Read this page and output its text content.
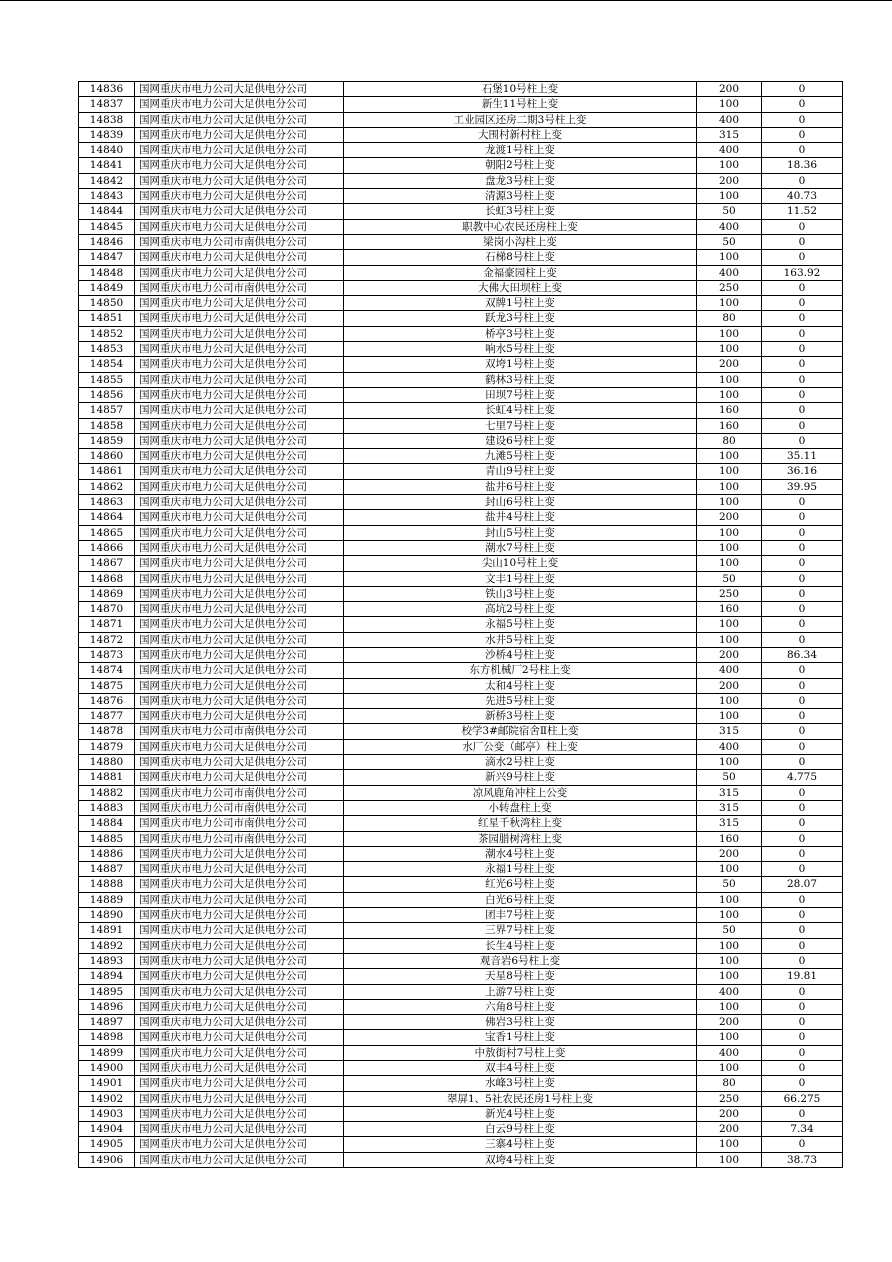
14836	国网重庆市电力公司大足供电分公司	石堡10号柱上变	200	0
14837	国网重庆市电力公司大足供电分公司	新生11号柱上变	100	0
14838	国网重庆市电力公司大足供电分公司	工业园区还房二期3号柱上变	400	0
14839	国网重庆市电力公司大足供电分公司	大围村新村柱上变	315	0
14840	国网重庆市电力公司大足供电分公司	龙渡1号柱上变	400	0
14841	国网重庆市电力公司大足供电分公司	朝阳2号柱上变	100	18.36
14842	国网重庆市电力公司大足供电分公司	盘龙3号柱上变	200	0
14843	国网重庆市电力公司大足供电分公司	清源3号柱上变	100	40.73
14844	国网重庆市电力公司大足供电分公司	长虹3号柱上变	50	11.52
14845	国网重庆市电力公司大足供电分公司	职教中心农民还房柱上变	400	0
14846	国网重庆市电力公司市南供电分公司	梁岗小沟柱上变	50	0
14847	国网重庆市电力公司大足供电分公司	石梯8号柱上变	100	0
14848	国网重庆市电力公司大足供电分公司	金福豪园柱上变	400	163.92
14849	国网重庆市电力公司市南供电分公司	大佛大田坝柱上变	250	0
14850	国网重庆市电力公司大足供电分公司	双牌1号柱上变	100	0
14851	国网重庆市电力公司大足供电分公司	跃龙3号柱上变	80	0
14852	国网重庆市电力公司大足供电分公司	桥亭3号柱上变	100	0
14853	国网重庆市电力公司大足供电分公司	响水5号柱上变	100	0
14854	国网重庆市电力公司大足供电分公司	双垮1号柱上变	200	0
14855	国网重庆市电力公司大足供电分公司	鹤林3号柱上变	100	0
14856	国网重庆市电力公司大足供电分公司	田坝7号柱上变	100	0
14857	国网重庆市电力公司大足供电分公司	长虹4号柱上变	160	0
14858	国网重庆市电力公司大足供电分公司	七里7号柱上变	160	0
14859	国网重庆市电力公司大足供电分公司	建设6号柱上变	80	0
14860	国网重庆市电力公司大足供电分公司	九滩5号柱上变	100	35.11
14861	国网重庆市电力公司大足供电分公司	青山9号柱上变	100	36.16
14862	国网重庆市电力公司大足供电分公司	盐井6号柱上变	100	39.95
14863	国网重庆市电力公司大足供电分公司	封山6号柱上变	100	0
14864	国网重庆市电力公司大足供电分公司	盐井4号柱上变	200	0
14865	国网重庆市电力公司大足供电分公司	封山5号柱上变	100	0
14866	国网重庆市电力公司大足供电分公司	潮水7号柱上变	100	0
14867	国网重庆市电力公司大足供电分公司	尖山10号柱上变	100	0
14868	国网重庆市电力公司大足供电分公司	文丰1号柱上变	50	0
14869	国网重庆市电力公司大足供电分公司	铁山3号柱上变	250	0
14870	国网重庆市电力公司大足供电分公司	高坑2号柱上变	160	0
14871	国网重庆市电力公司大足供电分公司	永福5号柱上变	100	0
14872	国网重庆市电力公司大足供电分公司	水井5号柱上变	100	0
14873	国网重庆市电力公司大足供电分公司	沙桥4号柱上变	200	86.34
14874	国网重庆市电力公司大足供电分公司	东方机械厂2号柱上变	400	0
14875	国网重庆市电力公司大足供电分公司	太和4号柱上变	200	0
14876	国网重庆市电力公司大足供电分公司	先进5号柱上变	100	0
14877	国网重庆市电力公司大足供电分公司	新桥3号柱上变	100	0
14878	国网重庆市电力公司市南供电分公司	校学3#邮院宿舍Ⅱ柱上变	315	0
14879	国网重庆市电力公司大足供电分公司	水厂公变（邮亭）柱上变	400	0
14880	国网重庆市电力公司大足供电分公司	滴水2号柱上变	100	0
14881	国网重庆市电力公司大足供电分公司	新兴9号柱上变	50	4.775
14882	国网重庆市电力公司市南供电分公司	凉风鹿角冲柱上公变	315	0
14883	国网重庆市电力公司市南供电分公司	小转盘柱上变	315	0
14884	国网重庆市电力公司市南供电分公司	红星千秋湾柱上变	315	0
14885	国网重庆市电力公司市南供电分公司	茶园腊树湾柱上变	160	0
14886	国网重庆市电力公司大足供电分公司	潮水4号柱上变	200	0
14887	国网重庆市电力公司大足供电分公司	永福1号柱上变	100	0
14888	国网重庆市电力公司大足供电分公司	红光6号柱上变	50	28.07
14889	国网重庆市电力公司大足供电分公司	白光6号柱上变	100	0
14890	国网重庆市电力公司大足供电分公司	团丰7号柱上变	100	0
14891	国网重庆市电力公司大足供电分公司	三界7号柱上变	50	0
14892	国网重庆市电力公司大足供电分公司	长生4号柱上变	100	0
14893	国网重庆市电力公司大足供电分公司	观音岩6号柱上变	100	0
14894	国网重庆市电力公司大足供电分公司	天星8号柱上变	100	19.81
14895	国网重庆市电力公司大足供电分公司	上游7号柱上变	400	0
14896	国网重庆市电力公司大足供电分公司	六角8号柱上变	100	0
14897	国网重庆市电力公司大足供电分公司	佛岩3号柱上变	200	0
14898	国网重庆市电力公司大足供电分公司	宝香1号柱上变	100	0
14899	国网重庆市电力公司大足供电分公司	中敖街村7号柱上变	400	0
14900	国网重庆市电力公司大足供电分公司	双丰4号柱上变	100	0
14901	国网重庆市电力公司大足供电分公司	水峰3号柱上变	80	0
14902	国网重庆市电力公司大足供电分公司	翠屏1、5社农民还房1号柱上变	250	66.275
14903	国网重庆市电力公司大足供电分公司	新光4号柱上变	200	0
14904	国网重庆市电力公司大足供电分公司	白云9号柱上变	200	7.34
14905	国网重庆市电力公司大足供电分公司	三寨4号柱上变	100	0
14906	国网重庆市电力公司大足供电分公司	双垮4号柱上变	100	38.73
